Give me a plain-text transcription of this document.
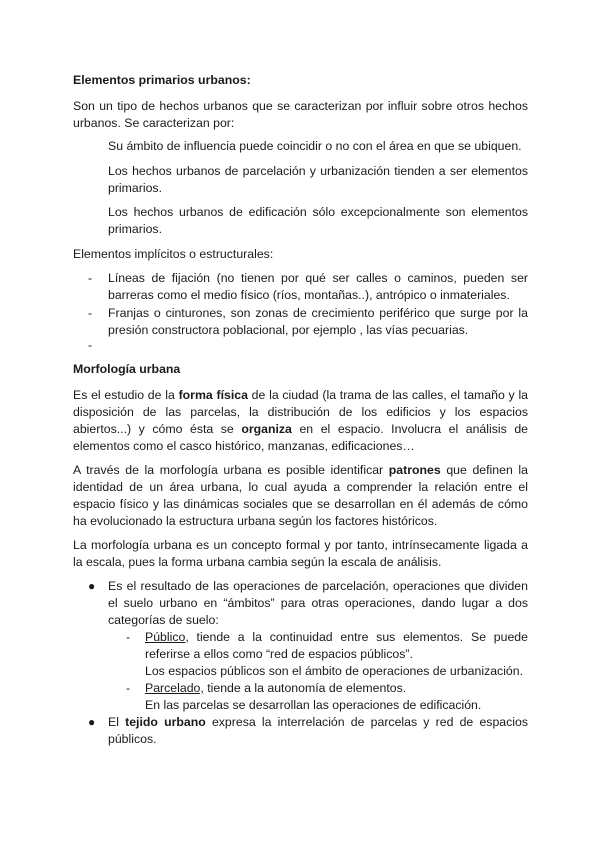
Elementos primarios urbanos:

Son un tipo de hechos urbanos que se caracterizan por influir sobre otros hechos urbanos. Se caracterizan por:

Su ámbito de influencia puede coincidir o no con el área en que se ubiquen.

Los hechos urbanos de parcelación y urbanización tienden a ser elementos primarios.

Los hechos urbanos de edificación sólo excepcionalmente son elementos primarios.

Elementos implícitos o estructurales:

- Líneas de fijación (no tienen por qué ser calles o caminos, pueden ser barreras como el medio físico (ríos, montañas..), antrópico o inmateriales.
- Franjas o cinturones, son zonas de crecimiento periférico que surge por la presión constructora poblacional, por ejemplo , las vías pecuarias.
-

Morfología urbana

Es el estudio de la forma física de la ciudad (la trama de las calles, el tamaño y la disposición de las parcelas, la distribución de los edificios y los espacios abiertos...) y cómo ésta se organiza en el espacio. Involucra el análisis de elementos como el casco histórico, manzanas, edificaciones…

A través de la morfología urbana es posible identificar patrones que definen la identidad de un área urbana, lo cual ayuda a comprender la relación entre el espacio físico y las dinámicas sociales que se desarrollan en él además de cómo ha evolucionado la estructura urbana según los factores históricos.

La morfología urbana es un concepto formal y por tanto, intrínsecamente ligada a la escala, pues la forma urbana cambia según la escala de análisis.

● Es el resultado de las operaciones de parcelación, operaciones que dividen el suelo urbano en “ámbitos” para otras operaciones, dando lugar a dos categorías de suelo:
- Público, tiende a la continuidad entre sus elementos. Se puede referirse a ellos como “red de espacios públicos”.
Los espacios públicos son el ámbito de operaciones de urbanización.
- Parcelado, tiende a la autonomía de elementos.
En las parcelas se desarrollan las operaciones de edificación.
● El tejido urbano expresa la interrelación de parcelas y red de espacios públicos.
